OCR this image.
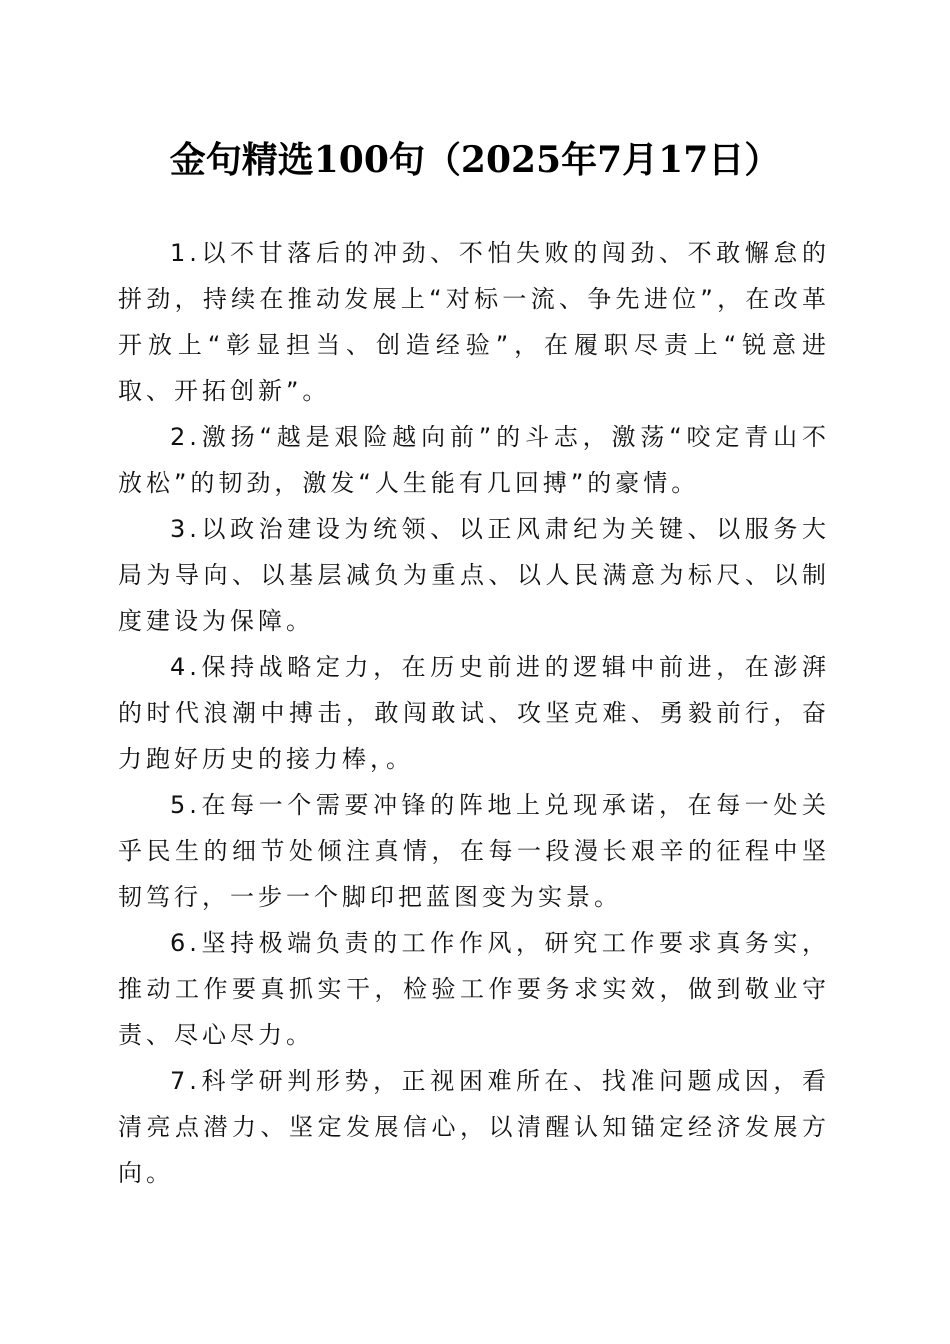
金句精选100句（2025年7月17日）

1.以不甘落后的冲劲、不怕失败的闯劲、不敢懈怠的拼劲，持续在推动发展上“对标一流、争先进位”，在改革开放上“彰显担当、创造经验”，在履职尽责上“锐意进取、开拓创新”。

2.激扬“越是艰险越向前”的斗志，激荡“咬定青山不放松”的韧劲，激发“人生能有几回搏”的豪情。

3.以政治建设为统领、以正风肃纪为关键、以服务大局为导向、以基层减负为重点、以人民满意为标尺、以制度建设为保障。

4.保持战略定力，在历史前进的逻辑中前进，在澎湃的时代浪潮中搏击，敢闯敢试、攻坚克难、勇毅前行，奋力跑好历史的接力棒，。

5.在每一个需要冲锋的阵地上兑现承诺，在每一处关乎民生的细节处倾注真情，在每一段漫长艰辛的征程中坚韧笃行，一步一个脚印把蓝图变为实景。

6.坚持极端负责的工作作风，研究工作要求真务实，推动工作要真抓实干，检验工作要务求实效，做到敬业守责、尽心尽力。

7.科学研判形势，正视困难所在、找准问题成因，看清亮点潜力、坚定发展信心，以清醒认知锚定经济发展方向。
